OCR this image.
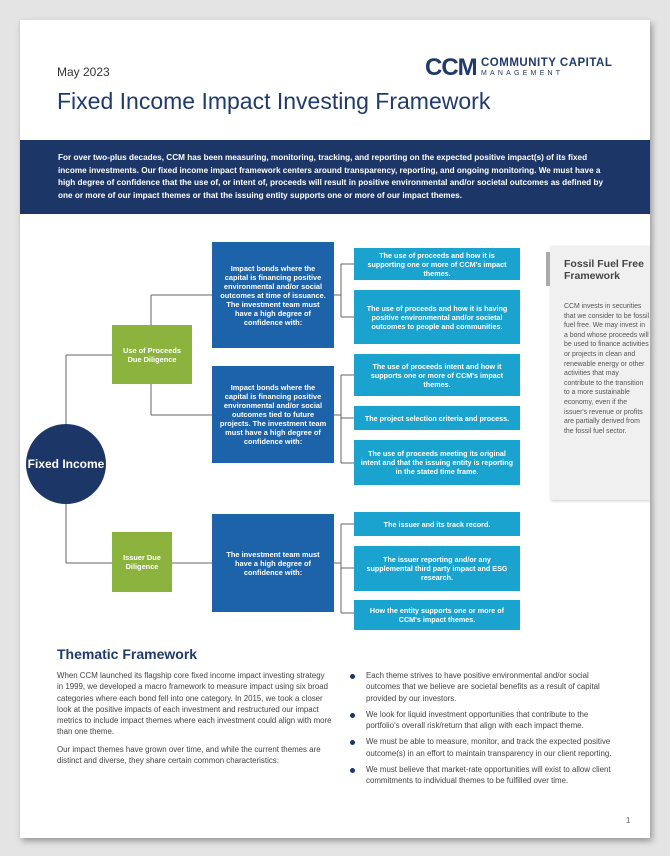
May 2023	CCM COMMUNITY CAPITAL
MANAGEMENT
Fixed Income Impact Investing Framework

For over two-plus decades, CCM has been measuring, monitoring, tracking, and reporting on the expected positive impact(s) of its fixed income investments. Our fixed income impact framework centers around transparency, reporting, and ongoing monitoring. We must have a high degree of confidence that the use of, or intent of, proceeds will result in positive environmental and/or societal outcomes as defined by one or more of our impact themes or that the issuing entity supports one or more of our impact themes.

Fixed Income
Use of Proceeds Due Diligence
Issuer Due Diligence
Impact bonds where the capital is financing positive environmental and/or social outcomes at time of issuance. The investment team must have a high degree of confidence with:
Impact bonds where the capital is financing positive environmental and/or social outcomes tied to future projects. The investment team must have a high degree of confidence with:
The investment team must have a high degree of confidence with:
The use of proceeds and how it is supporting one or more of CCM's impact themes.
The use of proceeds and how it is having positive environmental and/or societal outcomes to people and communities.
The use of proceeds intent and how it supports one or more of CCM's impact themes.
The project selection criteria and process.
The use of proceeds meeting its original intent and that the issuing entity is reporting in the stated time frame.
The issuer and its track record.
The issuer reporting and/or any supplemental third party impact and ESG research.
How the entity supports one or more of CCM's impact themes.
Fossil Fuel Free Framework
CCM invests in securities that we consider to be fossil fuel free. We may invest in a bond whose proceeds will be used to finance activities or projects in clean and renewable energy or other activities that may contribute to the transition to a more sustainable economy, even if the issuer's revenue or profits are partially derived from the fossil fuel sector.
Thematic Framework

When CCM launched its flagship core fixed income impact investing strategy in 1999, we developed a macro framework to measure impact using six broad categories where each bond fell into one category. In 2015, we took a closer look at the positive impacts of each investment and restructured our impact metrics to include impact themes where each investment could align with more than one theme.

Our impact themes have grown over time, and while the current themes are distinct and diverse, they share certain common characteristics:

Each theme strives to have positive environmental and/or social outcomes that we believe are societal benefits as a result of capital provided by our investors.
We look for liquid investment opportunities that contribute to the portfolio's overall risk/return that align with each impact theme.
We must be able to measure, monitor, and track the expected positive outcome(s) in an effort to maintain transparency in our client reporting.
We must believe that market-rate opportunities will exist to allow client commitments to individual themes to be fulfilled over time.
1
